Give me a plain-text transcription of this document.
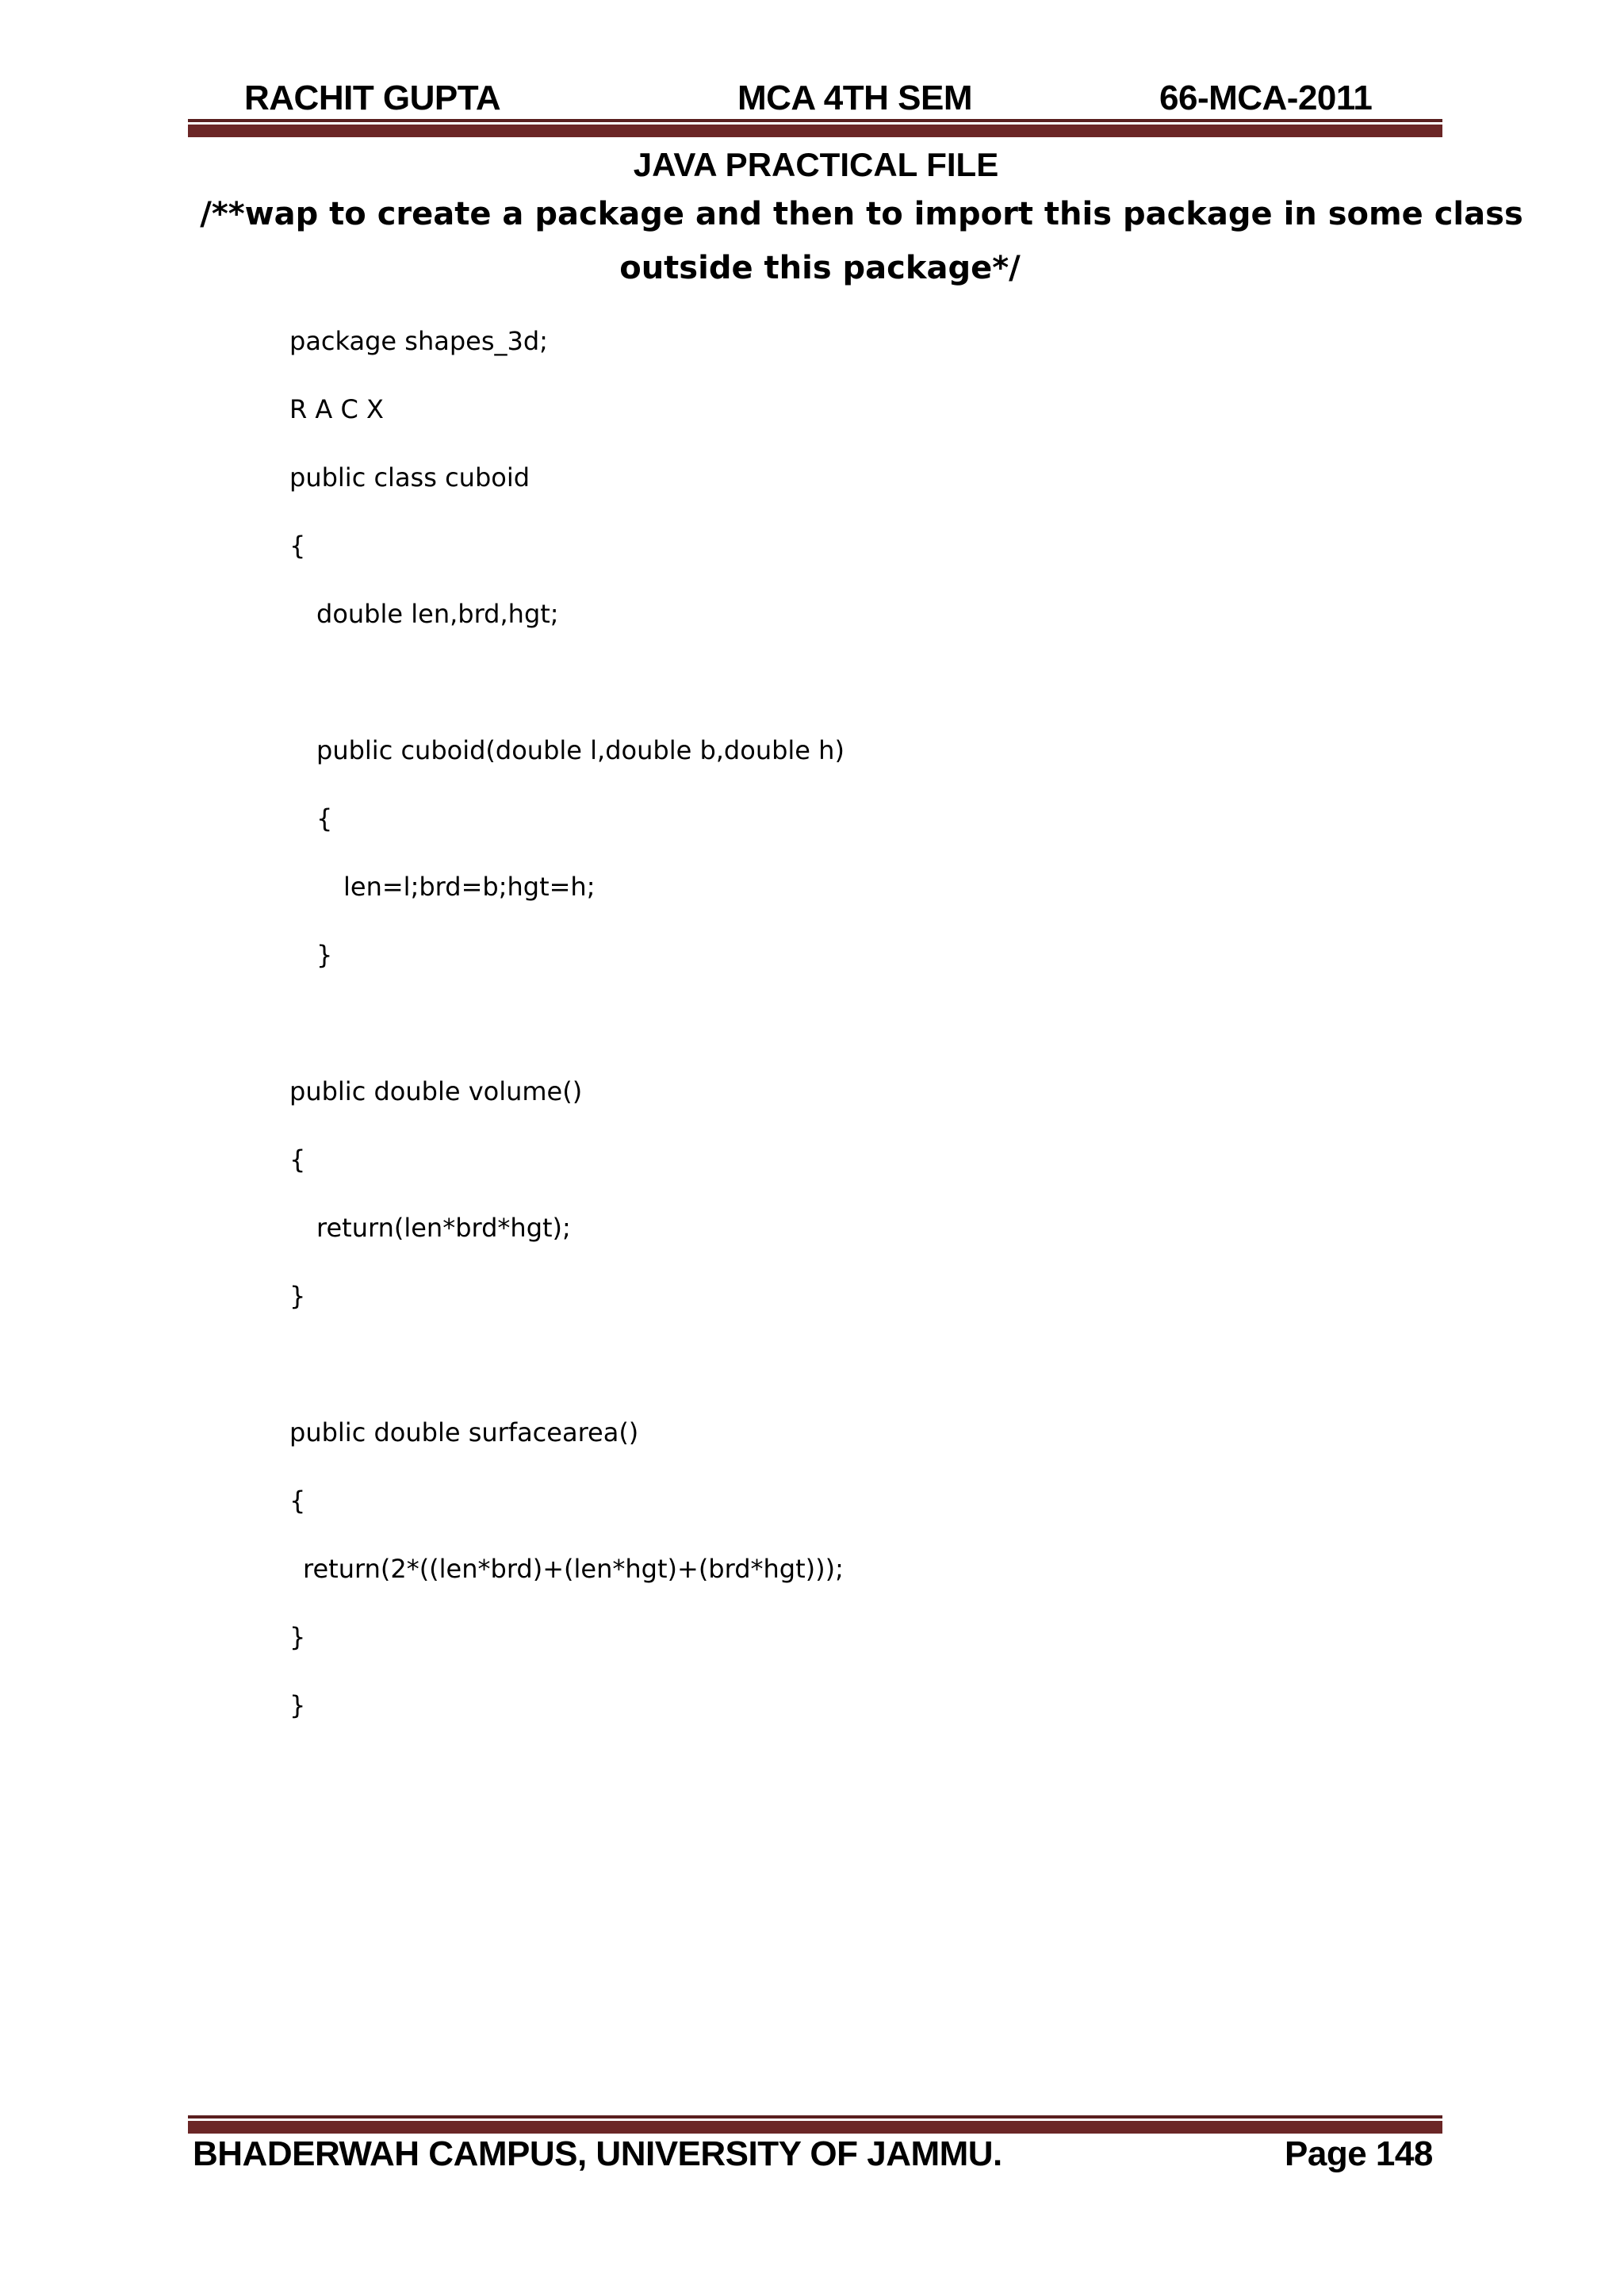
RACHIT GUPTA	MCA 4TH SEM	66-MCA-2011
JAVA PRACTICAL FILE
/**wap to create a package and then to import this package in some class
outside this package*/
package shapes_3d;
R A C X
public class cuboid
{
double len,brd,hgt;
public cuboid(double l,double b,double h)
{
len=l;brd=b;hgt=h;
}
public double volume()
{
return(len*brd*hgt);
}
public double surfacearea()
{
return(2*((len*brd)+(len*hgt)+(brd*hgt)));
}
}
BHADERWAH CAMPUS, UNIVERSITY OF JAMMU.	Page 148
